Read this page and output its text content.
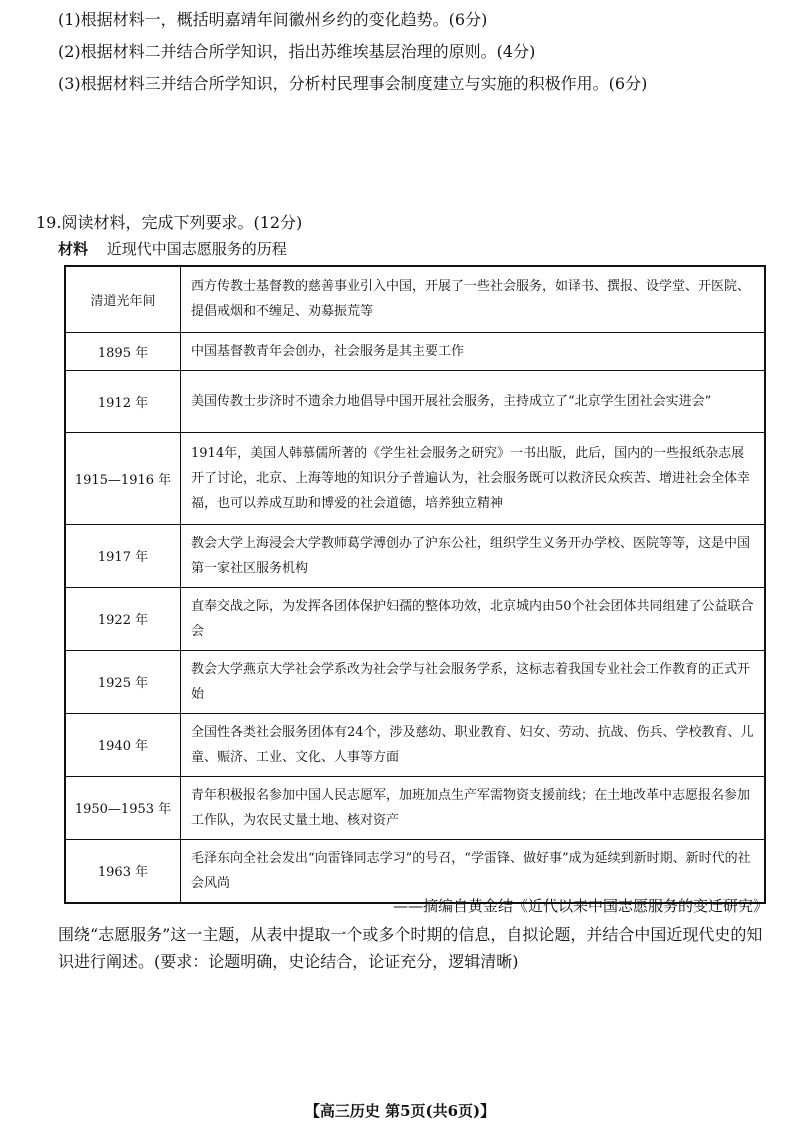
(1)根据材料一，概括明嘉靖年间徽州乡约的变化趋势。(6分)
(2)根据材料二并结合所学知识，指出苏维埃基层治理的原则。(4分)
(3)根据材料三并结合所学知识，分析村民理事会制度建立与实施的积极作用。(6分)
19.阅读材料，完成下列要求。(12分)
材料 近现代中国志愿服务的历程
清道光年间	西方传教士基督教的慈善事业引入中国，开展了一些社会服务，如译书、撰报、设学堂、开医院、提倡戒烟和不缠足、劝募振荒等
1895 年	中国基督教青年会创办，社会服务是其主要工作
1912 年	美国传教士步济时不遗余力地倡导中国开展社会服务，主持成立了“北京学生团社会实进会”
1915—1916 年	1914年，美国人韩慕儒所著的《学生社会服务之研究》一书出版，此后，国内的一些报纸杂志展开了讨论，北京、上海等地的知识分子普遍认为，社会服务既可以救济民众疾苦、增进社会全体幸福，也可以养成互助和博爱的社会道德，培养独立精神
1917 年	教会大学上海浸会大学教师葛学溥创办了沪东公社，组织学生义务开办学校、医院等等，这是中国第一家社区服务机构
1922 年	直奉交战之际，为发挥各团体保护妇孺的整体功效，北京城内由50个社会团体共同组建了公益联合会
1925 年	教会大学燕京大学社会学系改为社会学与社会服务学系，这标志着我国专业社会工作教育的正式开始
1940 年	全国性各类社会服务团体有24个，涉及慈幼、职业教育、妇女、劳动、抗战、伤兵、学校教育、儿童、赈济、工业、文化、人事等方面
1950—1953 年	青年积极报名参加中国人民志愿军，加班加点生产军需物资支援前线；在土地改革中志愿报名参加工作队，为农民丈量土地、核对资产
1963 年	毛泽东向全社会发出“向雷锋同志学习”的号召，“学雷锋、做好事”成为延续到新时期、新时代的社会风尚
——摘编自黄金结《近代以来中国志愿服务的变迁研究》
围绕“志愿服务”这一主题，从表中提取一个或多个时期的信息，自拟论题，并结合中国近现代史的知识进行阐述。(要求：论题明确，史论结合，论证充分，逻辑清晰)
【高三历史 第5页(共6页)】
